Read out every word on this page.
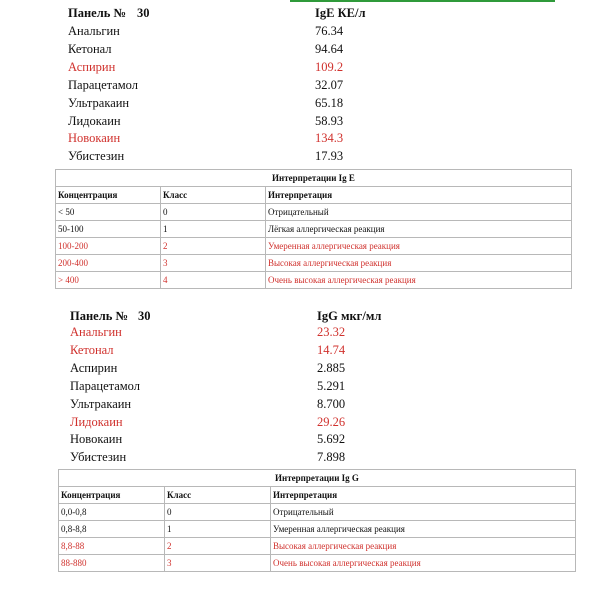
Панель № 30	IgE КЕ/л
Анальгин	76.34
Кетонал	94.64
Аспирин	109.2
Парацетамол	32.07
Ультракаин	65.18
Лидокаин	58.93
Новокаин	134.3
Убистезин	17.93
Интерпретации Ig E		
Концентрация	Класс	Интерпретация
< 50	0	Отрицательный
50-100	1	Лёгкая аллергическая реакция
100-200	2	Умеренная аллергическая реакция
200-400	3	Высокая аллергическая реакция
> 400	4	Очень высокая аллергическая реакция
Панель № 30	IgG мкг/мл
Анальгин	23.32
Кетонал	14.74
Аспирин	2.885
Парацетамол	5.291
Ультракаин	8.700
Лидокаин	29.26
Новокаин	5.692
Убистезин	7.898
Интерпретации Ig G		
Концентрация	Класс	Интерпретация
0,0-0,8	0	Отрицательный
0,8-8,8	1	Умеренная аллергическая реакция
8,8-88	2	Высокая аллергическая реакция
88-880	3	Очень высокая аллергическая реакция
